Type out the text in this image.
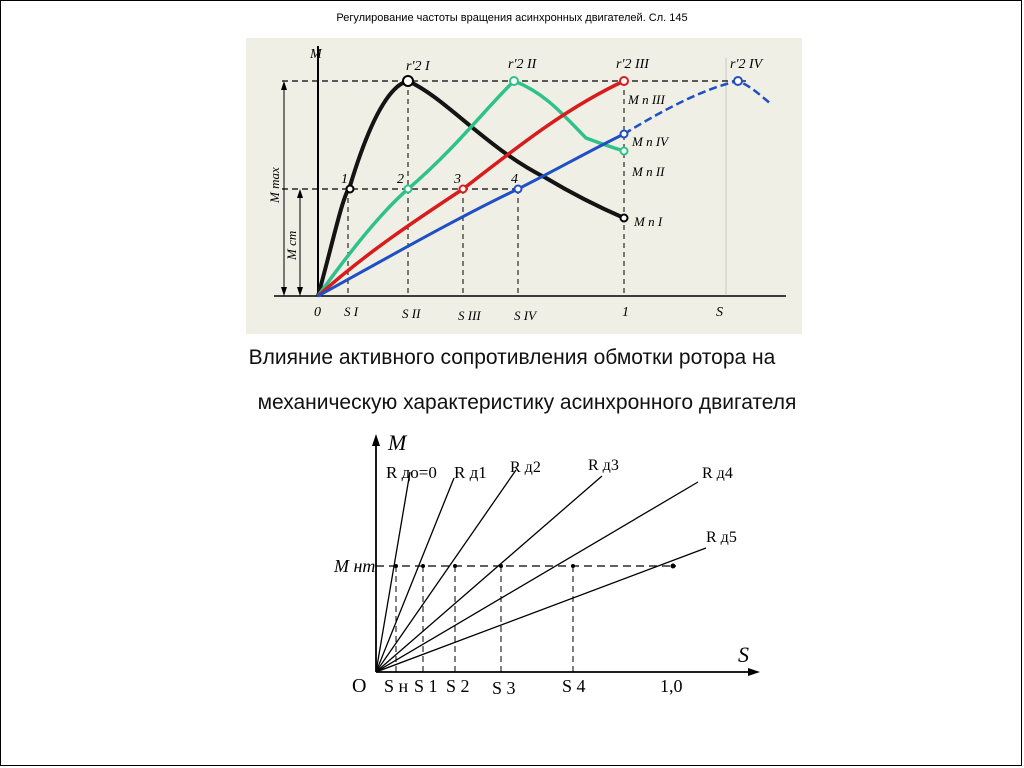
Регулирование частоты вращения асинхронных двигателей. Сл. 145
M
0	1	S
M max
M ст
r'2 I	r'2 II	r'2 III	r'2 IV
1	2	3	4
S I	S II	S III	S IV
M п I
M п II
M п III
M п IV
Влияние активного сопротивления обмотки ротора на
механическую характеристику асинхронного двигателя
M
S
O
M нт
R до=0 R д1 R д2	R д3	R д4
R д5
S н S 1 S 2 S 3	S 4	1,0
